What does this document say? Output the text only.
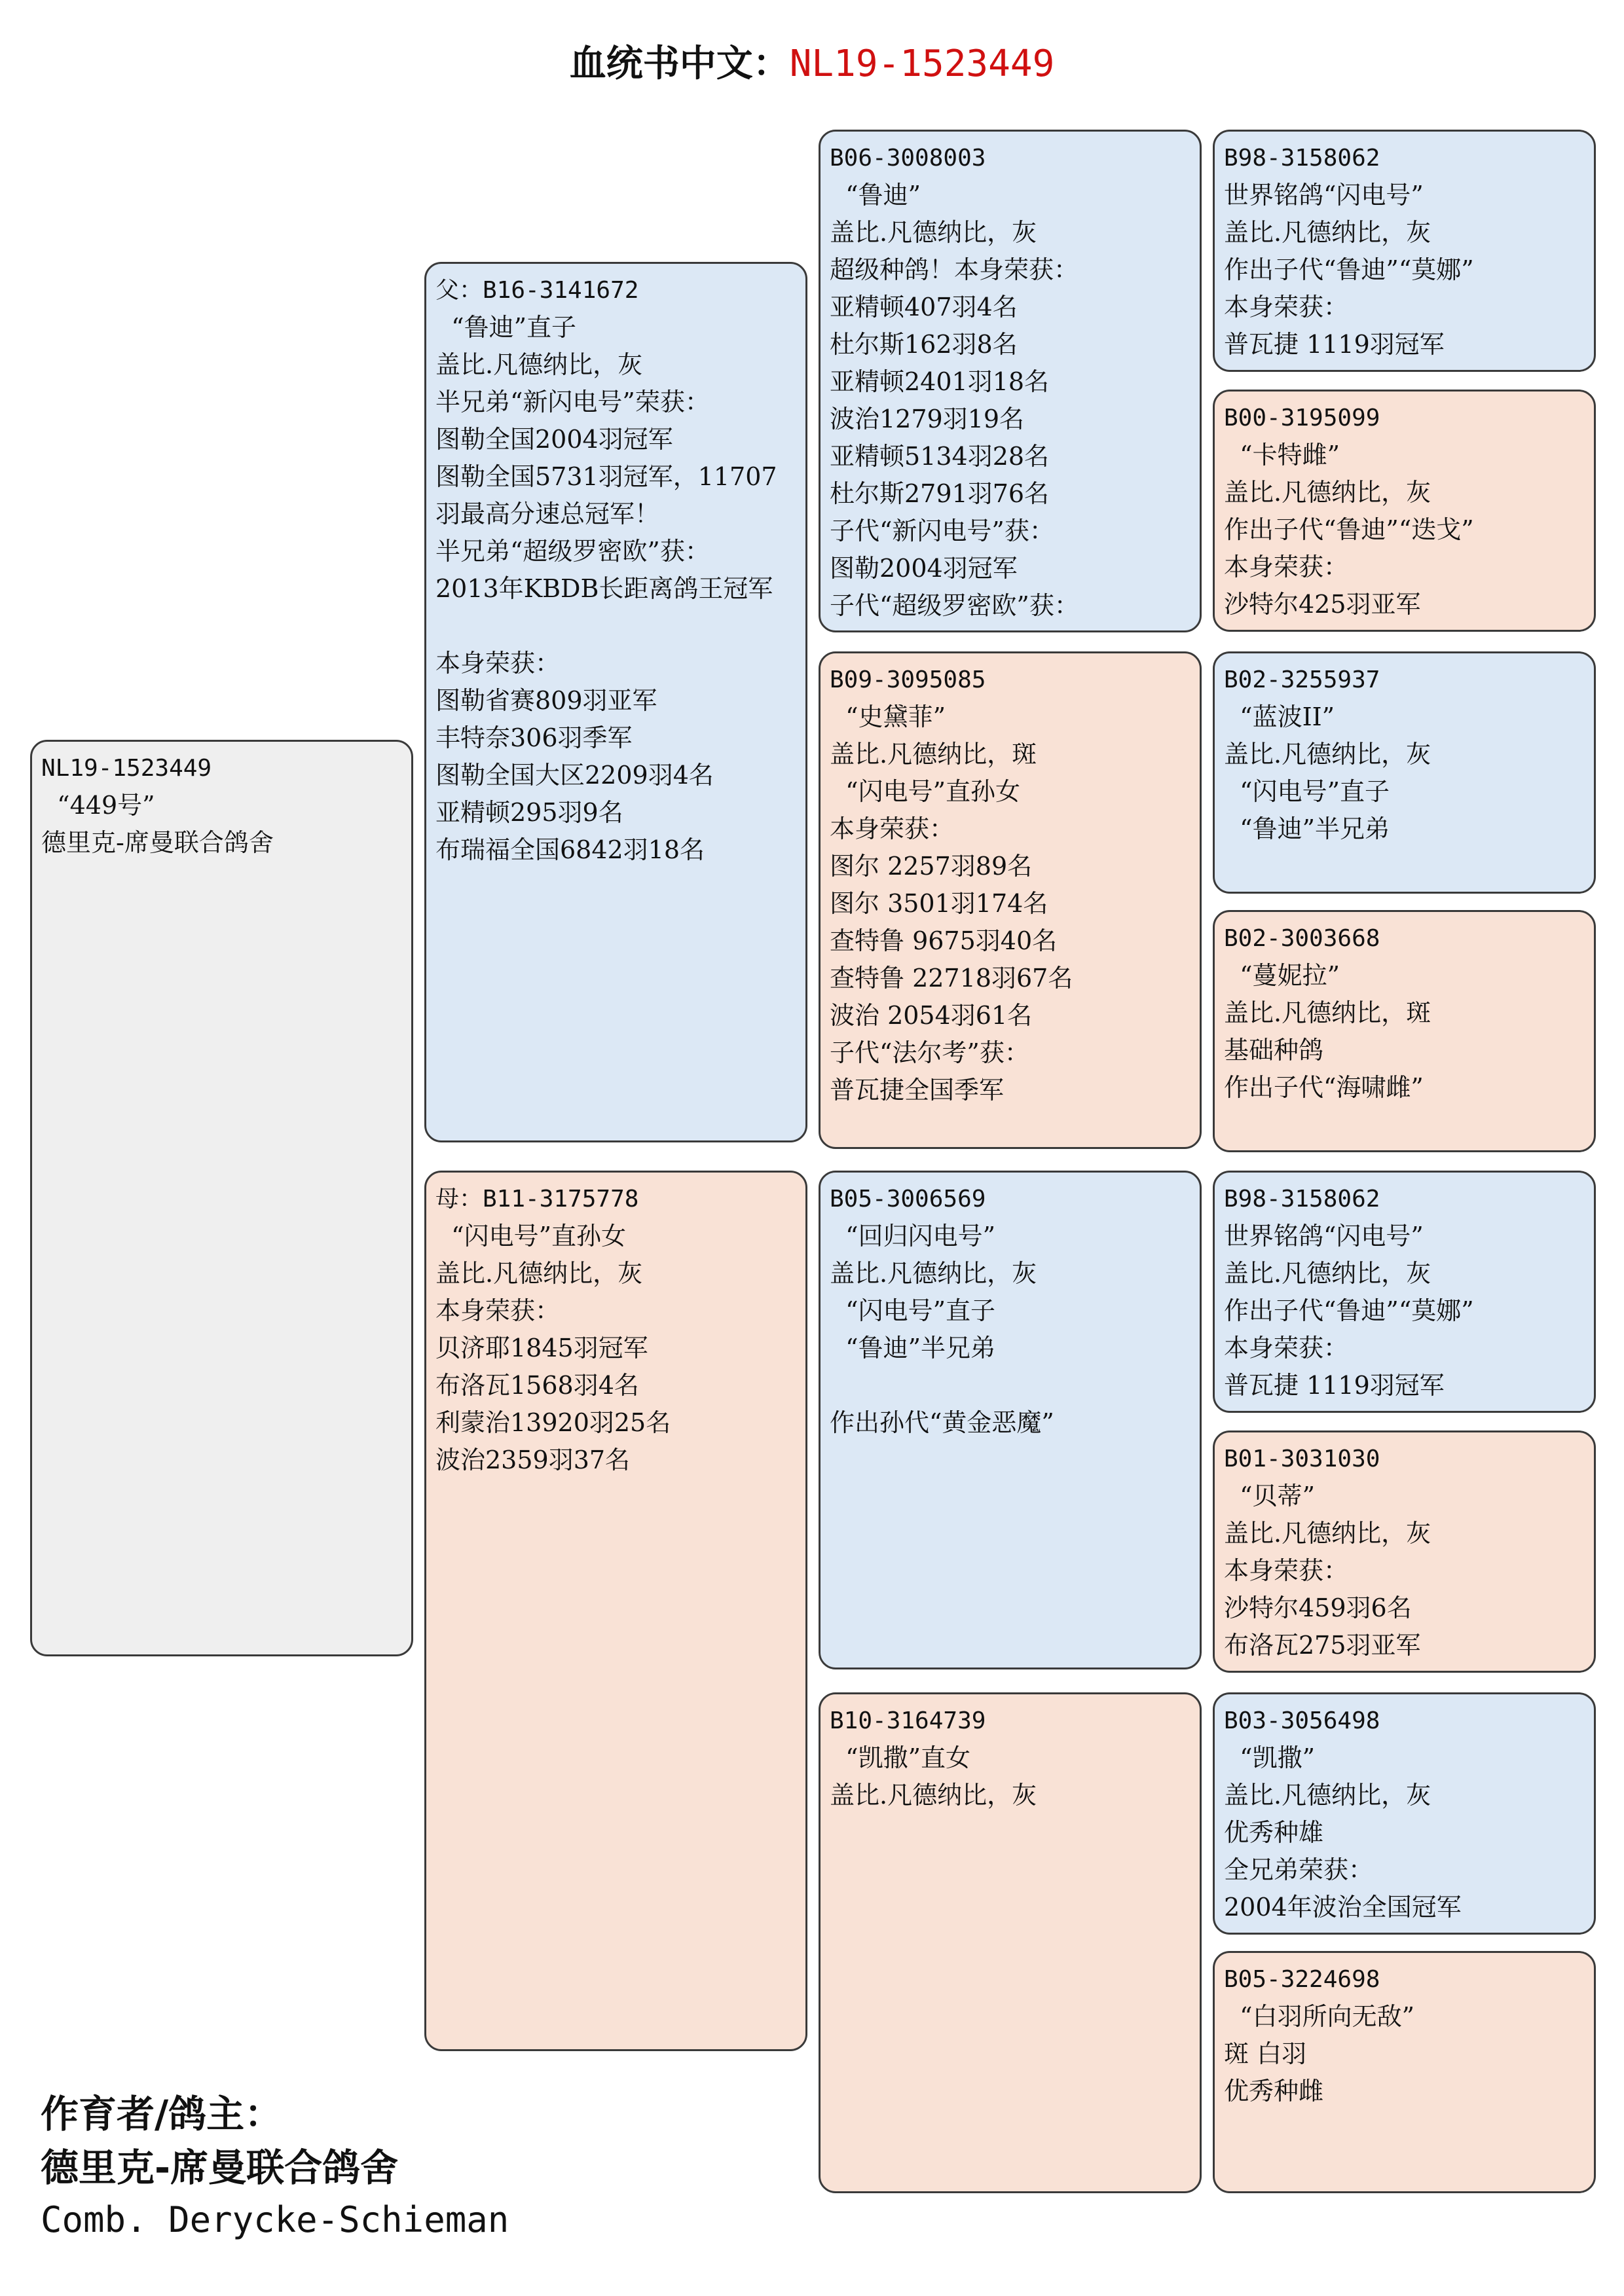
血统书中文：NL19-1523449
NL19-1523449
“449号”
德里克-席曼联合鸽舍
父：B16-3141672
“鲁迪”直子
盖比.凡德纳比，灰
半兄弟“新闪电号”荣获：
图勒全国2004羽冠军
图勒全国5731羽冠军，11707
羽最高分速总冠军！
半兄弟“超级罗密欧”获：
2013年KBDB长距离鸽王冠军
本身荣获：
图勒省赛809羽亚军
丰特奈306羽季军
图勒全国大区2209羽4名
亚精顿295羽9名
布瑞福全国6842羽18名
母：B11-3175778
“闪电号”直孙女
盖比.凡德纳比，灰
本身荣获：
贝济耶1845羽冠军
布洛瓦1568羽4名
利蒙治13920羽25名
波治2359羽37名
B06-3008003
“鲁迪”
盖比.凡德纳比，灰
超级种鸽！本身荣获：
亚精顿407羽4名
杜尔斯162羽8名
亚精顿2401羽18名
波治1279羽19名
亚精顿5134羽28名
杜尔斯2791羽76名
子代“新闪电号”获：
图勒2004羽冠军
子代“超级罗密欧”获：
B09-3095085
“史黛菲”
盖比.凡德纳比，斑
“闪电号”直孙女
本身荣获：
图尔 2257羽89名
图尔 3501羽174名
查特鲁 9675羽40名
查特鲁 22718羽67名
波治 2054羽61名
子代“法尔考”获：
普瓦捷全国季军
B05-3006569
“回归闪电号”
盖比.凡德纳比，灰
“闪电号”直子
“鲁迪”半兄弟
作出孙代“黄金恶魔”
B10-3164739
“凯撒”直女
盖比.凡德纳比，灰
B98-3158062
世界铭鸽“闪电号”
盖比.凡德纳比，灰
作出子代“鲁迪”“莫娜”
本身荣获：
普瓦捷 1119羽冠军
B00-3195099
“卡特雌”
盖比.凡德纳比，灰
作出子代“鲁迪”“迭戈”
本身荣获：
沙特尔425羽亚军
B02-3255937
“蓝波II”
盖比.凡德纳比，灰
“闪电号”直子
“鲁迪”半兄弟
B02-3003668
“蔓妮拉”
盖比.凡德纳比，斑
基础种鸽
作出子代“海啸雌”
B98-3158062
世界铭鸽“闪电号”
盖比.凡德纳比，灰
作出子代“鲁迪”“莫娜”
本身荣获：
普瓦捷 1119羽冠军
B01-3031030
“贝蒂”
盖比.凡德纳比，灰
本身荣获：
沙特尔459羽6名
布洛瓦275羽亚军
B03-3056498
“凯撒”
盖比.凡德纳比，灰
优秀种雄
全兄弟荣获：
2004年波治全国冠军
B05-3224698
“白羽所向无敌”
斑 白羽
优秀种雌
作育者/鸽主：
德里克-席曼联合鸽舍
Comb. Derycke-Schieman
